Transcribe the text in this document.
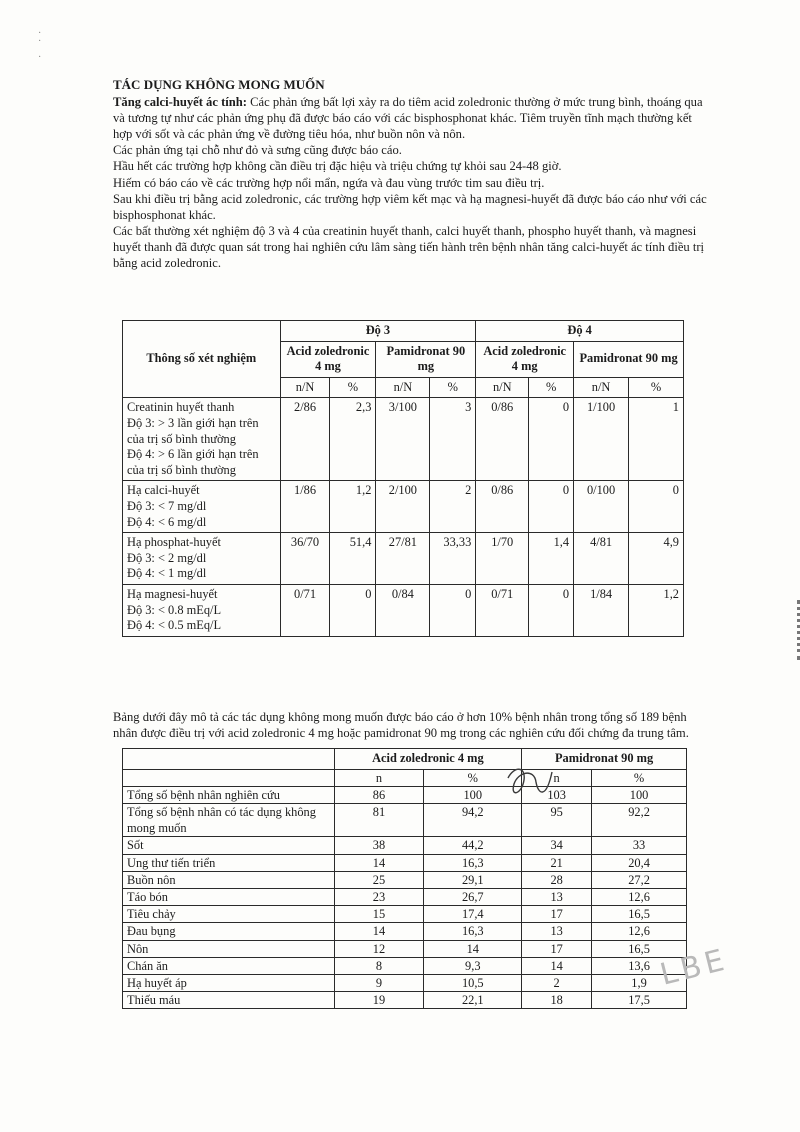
·
·

·

TÁC DỤNG KHÔNG MONG MUỐN

Tăng calci-huyết ác tính: Các phản ứng bất lợi xảy ra do tiêm acid zoledronic thường ở mức trung bình, thoáng qua và tương tự như các phản ứng phụ đã được báo cáo với các bisphosphonat khác. Tiêm truyền tĩnh mạch thường kết hợp với sốt và các phản ứng về đường tiêu hóa, như buồn nôn và nôn.

Các phản ứng tại chỗ như đỏ và sưng cũng được báo cáo.

Hầu hết các trường hợp không cần điều trị đặc hiệu và triệu chứng tự khỏi sau 24-48 giờ.

Hiếm có báo cáo về các trường hợp nổi mẩn, ngứa và đau vùng trước tim sau điều trị.

Sau khi điều trị bằng acid zoledronic, các trường hợp viêm kết mạc và hạ magnesi-huyết đã được báo cáo như với các bisphosphonat khác.

Các bất thường xét nghiệm độ 3 và 4 của creatinin huyết thanh, calci huyết thanh, phospho huyết thanh, và magnesi huyết thanh đã được quan sát trong hai nghiên cứu lâm sàng tiến hành trên bệnh nhân tăng calci-huyết ác tính điều trị bằng acid zoledronic.

Thông số xét nghiệm	Độ 3				Độ 4			
	Acid zoledronic 4 mg		Pamidronat 90 mg		Acid zoledronic 4 mg		Pamidronat 90 mg	
	n/N	%	n/N	%	n/N	%	n/N	%

Creatinin huyết thanh
Độ 3: > 3 lần giới hạn trên của trị số bình thường
Độ 4: > 6 lần giới hạn trên của trị số bình thường	2/86	2,3	3/100	3	0/86	0	1/100	1

Hạ calci-huyết
Độ 3: < 7 mg/dl
Độ 4: < 6 mg/dl	1/86	1,2	2/100	2	0/86	0	0/100	0

Hạ phosphat-huyết
Độ 3: < 2 mg/dl
Độ 4: < 1 mg/dl	36/70	51,4	27/81	33,33	1/70	1,4	4/81	4,9

Hạ magnesi-huyết
Độ 3: < 0.8 mEq/L
Độ 4: < 0.5 mEq/L	0/71	0	0/84	0	0/71	0	1/84	1,2

Bảng dưới đây mô tả các tác dụng không mong muốn được báo cáo ở hơn 10% bệnh nhân trong tổng số 189 bệnh nhân được điều trị với acid zoledronic 4 mg hoặc pamidronat 90 mg trong các nghiên cứu đối chứng đa trung tâm.

	Acid zoledronic 4 mg		Pamidronat 90 mg	
	n	%	n	%
Tổng số bệnh nhân nghiên cứu	86	100	103	100
Tổng số bệnh nhân có tác dụng không mong muốn	81	94,2	95	92,2
Sốt	38	44,2	34	33
Ung thư tiến triển	14	16,3	21	20,4
Buồn nôn	25	29,1	28	27,2
Táo bón	23	26,7	13	12,6
Tiêu chảy	15	17,4	17	16,5
Đau bụng	14	16,3	13	12,6
Nôn	12	14	17	16,5
Chán ăn	8	9,3	14	13,6
Hạ huyết áp	9	10,5	2	1,9
Thiếu máu	19	22,1	18	17,5
LBE
